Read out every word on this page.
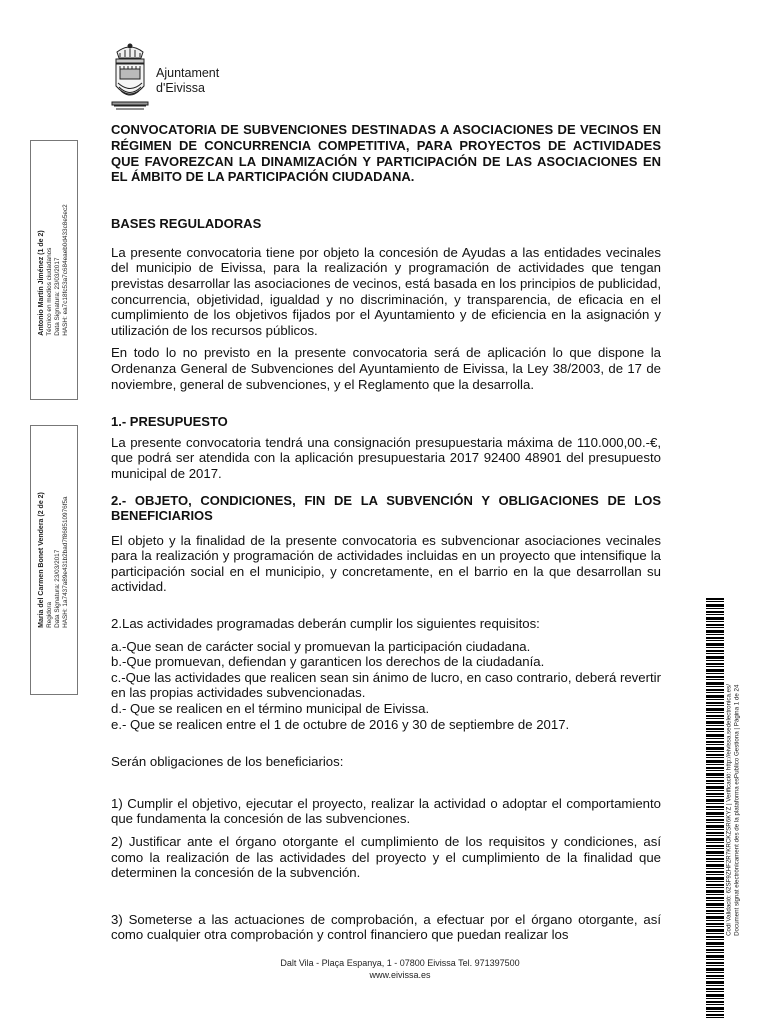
Ajuntament
d'Eivissa
Antonio Martín Jiménez (1 de 2)
Técnico en medios ciudadanos
Data Signatura: 23/03/2017
HASH: ea7c18fc53a7c684eaeb0d433c8e5ec2
Maria del Carmen Bonet Vendera (2 de 2)
Regidora
Data Signatura: 23/03/2017
HASH: 1a7437a89e431b2bad7f868510976f5a

CONVOCATORIA DE SUBVENCIONES DESTINADAS A ASOCIACIONES DE VECINOS EN RÉGIMEN DE CONCURRENCIA COMPETITIVA, PARA PROYECTOS DE ACTIVIDADES QUE FAVOREZCAN LA DINAMIZACIÓN Y PARTICIPACIÓN DE LAS ASOCIACIONES EN EL ÁMBITO DE LA PARTICIPACIÓN CIUDADANA.

BASES REGULADORAS

La presente convocatoria tiene por objeto la concesión de Ayudas a las entidades vecinales del municipio de Eivissa, para la realización y programación de actividades que tengan previstas desarrollar las asociaciones de vecinos, está basada en los principios de publicidad, concurrencia, objetividad, igualdad y no discriminación, y transparencia, de eficacia en el cumplimiento de los objetivos fijados por el Ayuntamiento y de eficiencia en la asignación y utilización de los recursos públicos.

En todo lo no previsto en la presente convocatoria será de aplicación lo que dispone la Ordenanza General de Subvenciones del Ayuntamiento de Eivissa, la Ley 38/2003, de 17 de noviembre, general de subvenciones, y el Reglamento que la desarrolla.

1.- PRESUPUESTO

La presente convocatoria tendrá una consignación presupuestaria máxima de 110.000,00.-€, que podrá ser atendida con la aplicación presupuestaria 2017 92400 48901 del presupuesto municipal de 2017.

2.- OBJETO, CONDICIONES, FIN DE LA SUBVENCIÓN Y OBLIGACIONES DE LOS BENEFICIARIOS

El objeto y la finalidad de la presente convocatoria es subvencionar asociaciones vecinales para la realización y programación de actividades incluidas en un proyecto que intensifique la participación social en el municipio, y concretamente, en el barrio en la que desarrollan su actividad.

2.Las actividades programadas deberán cumplir los siguientes requisitos:

a.-Que sean de carácter social y promuevan la participación ciudadana.

b.-Que promuevan, defiendan y garanticen los derechos de la ciudadanía.

c.-Que las actividades que realicen sean sin ánimo de lucro, en caso contrario, deberá revertir en las propias actividades subvencionadas.

d.- Que se realicen en el término municipal de Eivissa.

e.- Que se realicen entre el 1 de octubre de 2016 y 30 de septiembre de 2017.

Serán obligaciones de los beneficiarios:

1) Cumplir el objetivo, ejecutar el proyecto, realizar la actividad o adoptar el comportamiento que fundamenta la concesión de las subvenciones.

2) Justificar ante el órgano otorgante el cumplimiento de los requisitos y condiciones, así como la realización de las actividades del proyecto y el cumplimiento de la finalidad que determinen la concesión de la subvención.

3) Someterse a las actuaciones de comprobación, a efectuar por el órgano otorgante, así como cualquier otra comprobación y control financiero que puedan realizar los	Codi Validació: 62SF9ZHF2R7KRCKZSR6KYZ | Verificació: http://eivissa.sedelectronica.es/
Document signat electrònicament des de la plataforma esPublico Gestiona | Pàgina 1 de 24
Dalt Vila - Plaça Espanya, 1 - 07800 Eivissa Tel. 971397500
www.eivissa.es
